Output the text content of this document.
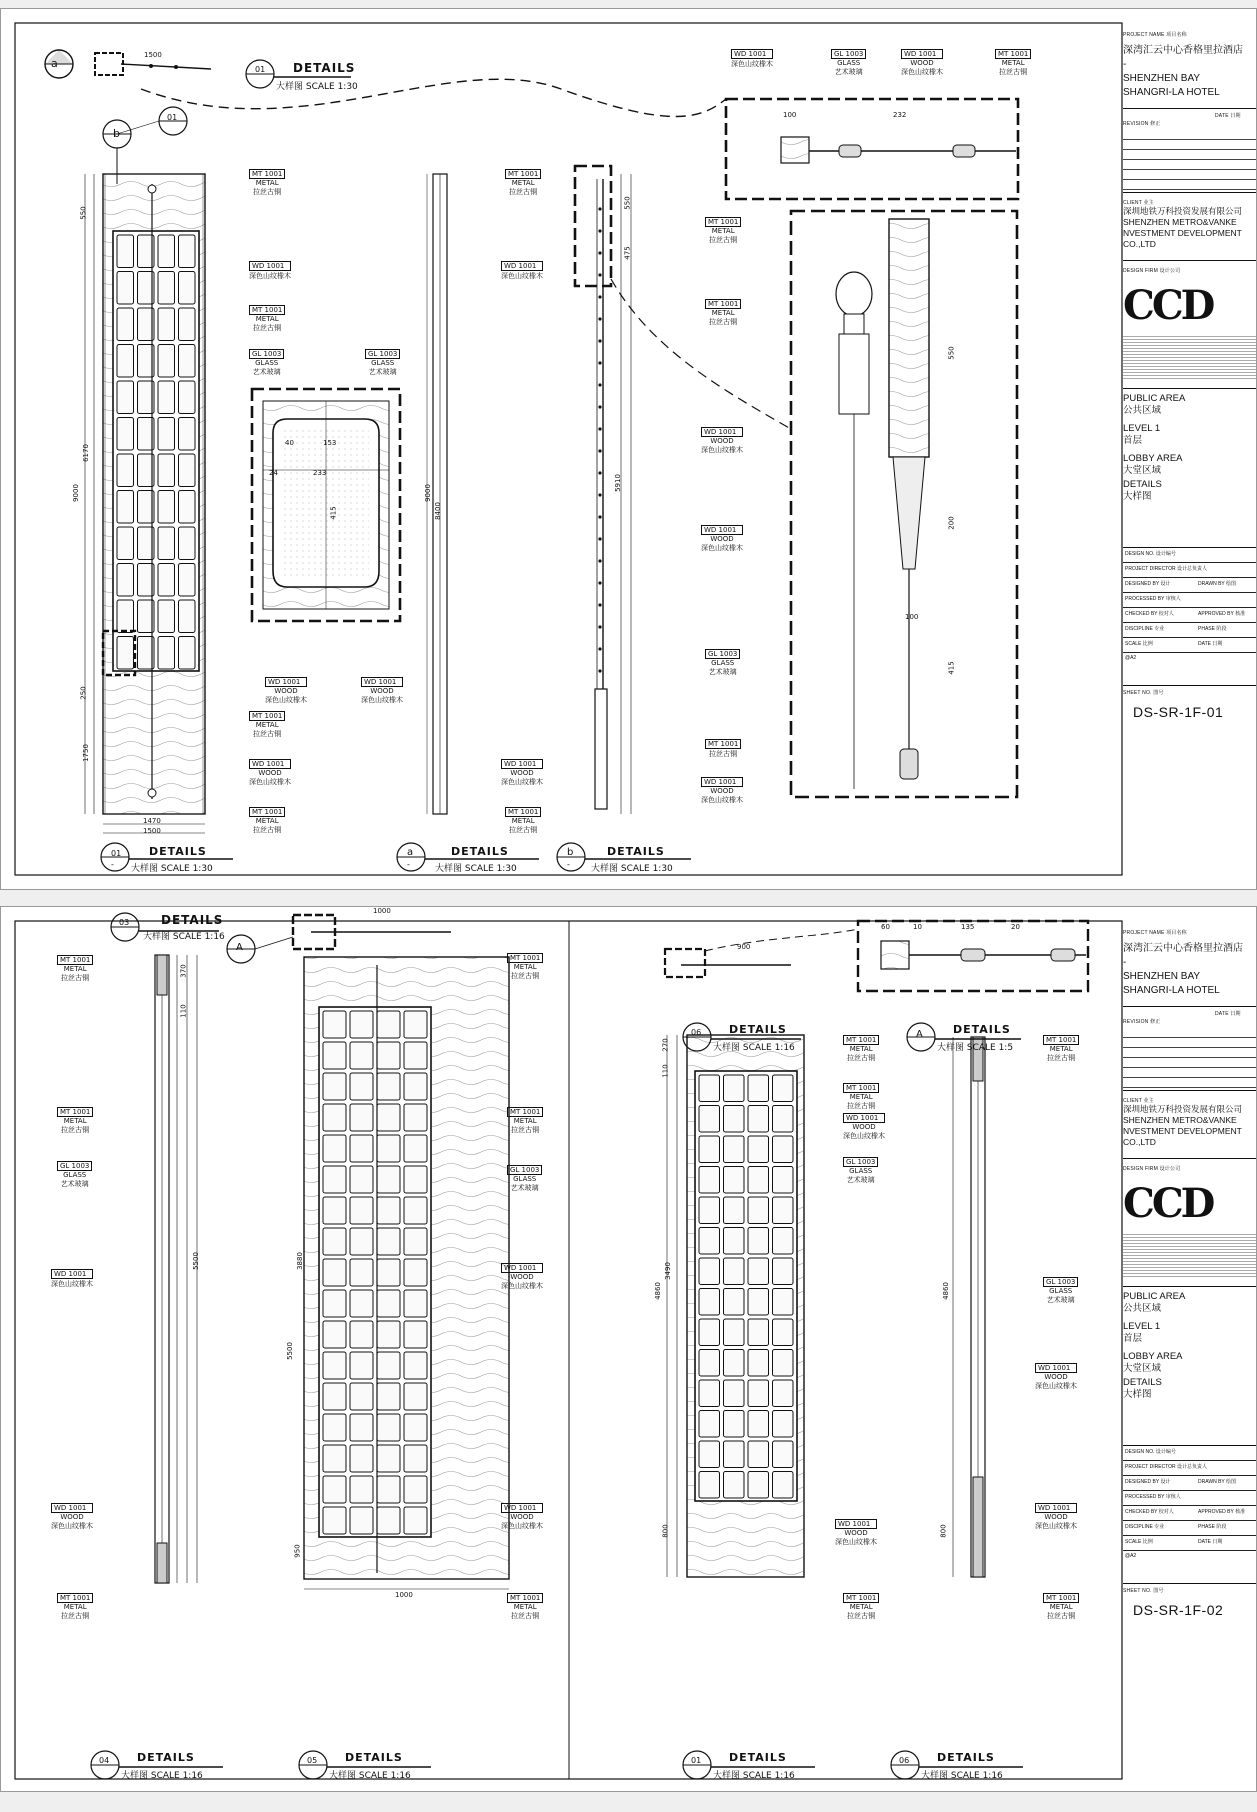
a
1500
01 DETAILS
大样图 SCALE 1:30
b
01
MT 1001
METAL
拉丝古铜
WD 1001
深色山纹橡木
MT 1001
METAL
拉丝古铜
GL 1003
GLASS
艺术玻璃
GL 1003
GLASS
艺术玻璃
WD 1001
WOOD
深色山纹橡木
WD 1001
WOOD
深色山纹橡木
MT 1001
METAL
拉丝古铜
WD 1001
WOOD
深色山纹橡木
MT 1001
METAL
拉丝古铜
MT 1001
METAL
拉丝古铜
WD 1001
深色山纹橡木
WD 1001
WOOD
深色山纹橡木
MT 1001
METAL
拉丝古铜
WD 1001
深色山纹橡木
GL 1003
GLASS
艺术玻璃
WD 1001
WOOD
深色山纹橡木
MT 1001
METAL
拉丝古铜
MT 1001
METAL
拉丝古铜
MT 1001
METAL
拉丝古铜
WD 1001
WOOD
深色山纹橡木
WD 1001
WOOD
深色山纹橡木
GL 1003
GLASS
艺术玻璃
MT 1001
拉丝古铜
WD 1001
WOOD
深色山纹橡木
9000	9000
8400
6170
550
250
1750
1470
1500
5910
550
475
100	232
550
200
415
100
233
415
153
40
24
01
-
DETAILS
大样图 SCALE 1:30
a
-
DETAILS
大样图 SCALE 1:30
b
-
DETAILS
大样图 SCALE 1:30
PROJECT NAME 项目名称
深湾汇云中心香格里拉酒店
-
SHENZHEN BAY
SHANGRI-LA HOTEL
REVISION 修正
DATE 日期
CLIENT 业主
深圳地铁万科投资发展有限公司
SHENZHEN METRO&VANKE
NVESTMENT DEVELOPMENT CO.,LTD
DESIGN FIRM 设计公司
CCD
PUBLIC AREA
公共区域
LEVEL 1
首层
LOBBY AREA
大堂区域
DETAILS
大样图
DESIGN NO. 设计编号
PROJECT DIRECTOR 设计总负责人
DESIGNED BY 设计	DRAWN BY 绘图
PROCESSED BY 审核人
CHECKED BY 校对人	APPROVED BY 核准
DISCIPLINE 专业	PHASE 阶段
SCALE 比例	DATE 日期
@A2
SHEET NO. 图号
DS-SR-1F-01
03	DETAILS
大样图 SCALE 1:16
A
1000
5500	3880
5500
370
110
950
1000
900
4860
3490
800
4860
800
270
110
135
60	20
10
MT 1001
METAL
拉丝古铜
MT 1001
METAL
拉丝古铜
GL 1003
GLASS
艺术玻璃
WD 1001
深色山纹橡木
WD 1001
WOOD
深色山纹橡木
MT 1001
METAL
拉丝古铜
MT 1001
METAL
拉丝古铜
MT 1001
METAL
拉丝古铜
GL 1003
GLASS
艺术玻璃
WD 1001
WOOD
深色山纹橡木
WD 1001
WOOD
深色山纹橡木
MT 1001
METAL
拉丝古铜
MT 1001
METAL
拉丝古铜
MT 1001
METAL
拉丝古铜
WD 1001
WOOD
深色山纹橡木
GL 1003
GLASS
艺术玻璃
WD 1001
WOOD
深色山纹橡木
MT 1001
METAL
拉丝古铜
MT 1001
METAL
拉丝古铜
GL 1003
GLASS
艺术玻璃
WD 1001
WOOD
深色山纹橡木
WD 1001
WOOD
深色山纹橡木
MT 1001
METAL
拉丝古铜
06	DETAILS
大样图 SCALE 1:16
A	DETAILS
大样图 SCALE 1:5
04	DETAILS
大样图 SCALE 1:16
05	DETAILS
大样图 SCALE 1:16
01	DETAILS
大样图 SCALE 1:16
06	DETAILS
大样图 SCALE 1:16
PROJECT NAME 项目名称
深湾汇云中心香格里拉酒店
-
SHENZHEN BAY
SHANGRI-LA HOTEL
REVISION 修正
DATE 日期
CLIENT 业主
深圳地铁万科投资发展有限公司
SHENZHEN METRO&VANKE
NVESTMENT DEVELOPMENT CO.,LTD
DESIGN FIRM 设计公司
CCD
PUBLIC AREA
公共区域
LEVEL 1
首层
LOBBY AREA
大堂区域
DETAILS
大样图
DESIGN NO. 设计编号
PROJECT DIRECTOR 设计总负责人
DESIGNED BY 设计	DRAWN BY 绘图
PROCESSED BY 审核人
CHECKED BY 校对人	APPROVED BY 核准
DISCIPLINE 专业	PHASE 阶段
SCALE 比例	DATE 日期
@A2
SHEET NO. 图号
DS-SR-1F-02
